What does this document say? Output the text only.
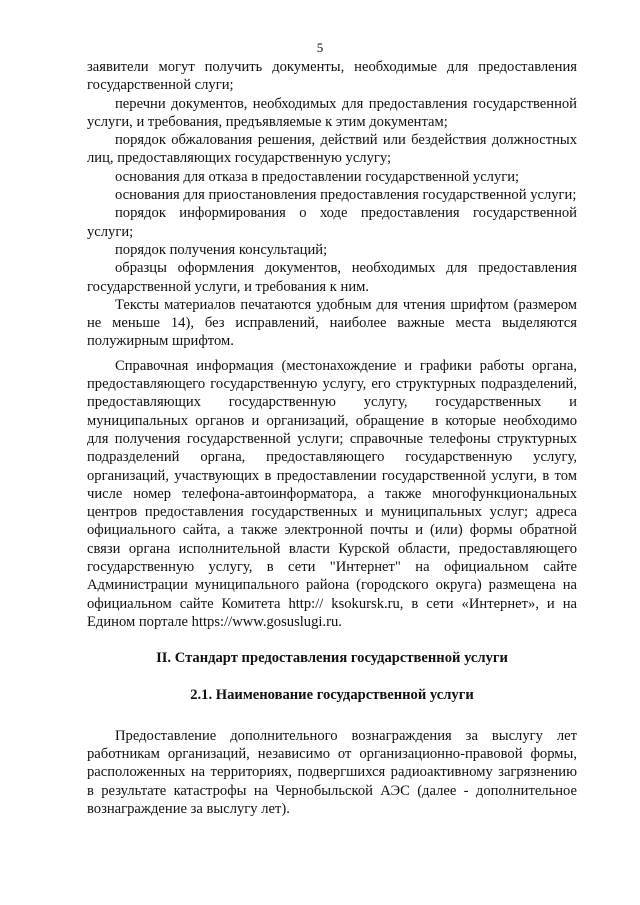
5

заявители могут получить документы, необходимые для предоставления государственной слуги;

перечни документов, необходимых для предоставления государственной услуги, и требования, предъявляемые к этим документам;

порядок обжалования решения, действий или бездействия должностных лиц, предоставляющих государственную услугу;

основания для отказа в предоставлении государственной услуги;

основания для приостановления предоставления государственной услуги;

порядок информирования о ходе предоставления государственной услуги;

порядок получения консультаций;

образцы оформления документов, необходимых для предоставления государственной услуги, и требования к ним.

Тексты материалов печатаются удобным для чтения шрифтом (размером не меньше 14), без исправлений, наиболее важные места выделяются полужирным шрифтом.

Справочная информация (местонахождение и графики работы органа, предоставляющего государственную услугу, его структурных подразделений, предоставляющих государственную услугу, государственных и муниципальных органов и организаций, обращение в которые необходимо для получения государственной услуги; справочные телефоны структурных подразделений органа, предоставляющего государственную услугу, организаций, участвующих в предоставлении государственной услуги, в том числе номер телефона-автоинформатора, а также многофункциональных центров предоставления государственных и муниципальных услуг; адреса официального сайта, а также электронной почты и (или) формы обратной связи органа исполнительной власти Курской области, предоставляющего государственную услугу, в сети "Интернет" на официальном сайте Администрации муниципального района (городского округа) размещена на официальном сайте Комитета http:// ksokursk.ru, в сети «Интернет», и на Едином портале https://www.gosuslugi.ru.

II. Стандарт предоставления государственной услуги
2.1. Наименование государственной услуги

Предоставление дополнительного вознаграждения за выслугу лет работникам организаций, независимо от организационно-правовой формы, расположенных на территориях, подвергшихся радиоактивному загрязнению в результате катастрофы на Чернобыльской АЭС (далее - дополнительное вознаграждение за выслугу лет).
